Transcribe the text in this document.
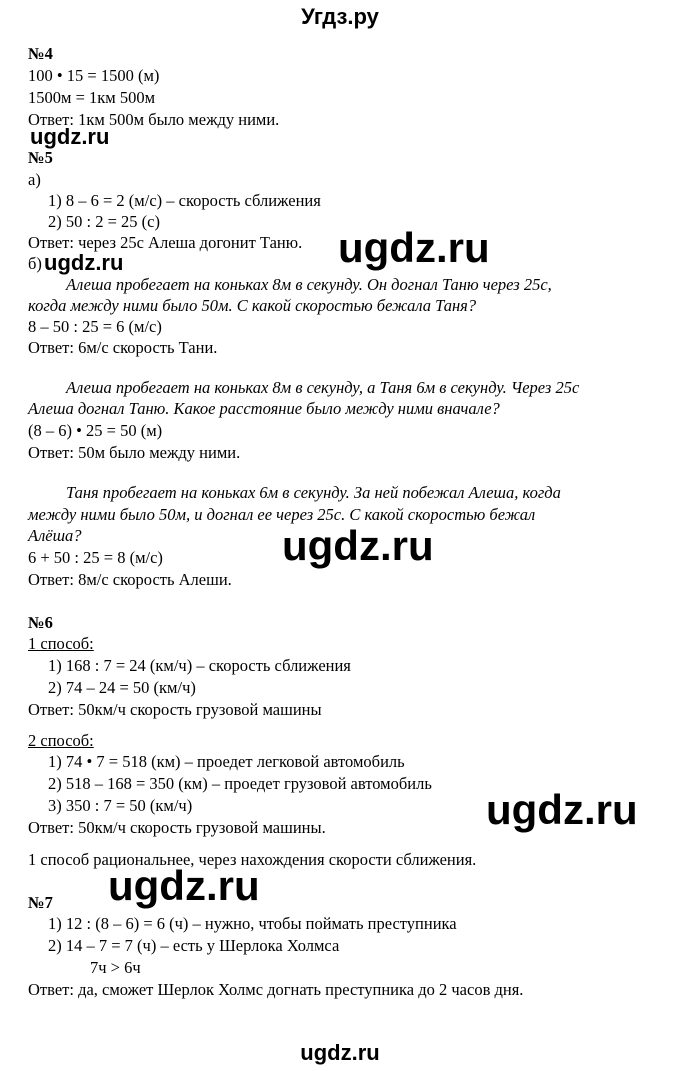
Угдз.ру
№4
100 • 15 = 1500 (м)
1500м = 1км 500м
Ответ: 1км 500м было между ними.
ugdz.ru
№5
а)
1) 8 – 6 = 2 (м/с) – скорость сближения
2) 50 : 2 = 25 (с)
Ответ: через 25с Алеша догонит Таню. ugdz.ru
б) ugdz.ru
Алеша пробегает на коньках 8м в секунду. Он догнал Таню через 25с,
когда между ними было 50м. С какой скоростью бежала Таня?
8 – 50 : 25 = 6 (м/с)
Ответ: 6м/с скорость Тани.
Алеша пробегает на коньках 8м в секунду, а Таня 6м в секунду. Через 25с
Алеша догнал Таню. Какое расстояние было между ними вначале?
(8 – 6) • 25 = 50 (м)
Ответ: 50м было между ними.
Таня пробегает на коньках 6м в секунду. За ней побежал Алеша, когда
между ними было 50м, и догнал ее через 25с. С какой скоростью бежал
Алёша?	ugdz.ru
6 + 50 : 25 = 8 (м/с)
Ответ: 8м/с скорость Алеши.
№6
1 способ:
1) 168 : 7 = 24 (км/ч) – скорость сближения
2) 74 – 24 = 50 (км/ч)
Ответ: 50км/ч скорость грузовой машины
2 способ:
1) 74 • 7 = 518 (км) – проедет легковой автомобиль
2) 518 – 168 = 350 (км) – проедет грузовой автомобиль
3) 350 : 7 = 50 (км/ч)	ugdz.ru
Ответ: 50км/ч скорость грузовой машины.
1 способ рациональнее, через нахождения скорости сближения.
ugdz.ru
№7
1) 12 : (8 – 6) = 6 (ч) – нужно, чтобы поймать преступника
2) 14 – 7 = 7 (ч) – есть у Шерлока Холмса
7ч > 6ч
Ответ: да, сможет Шерлок Холмс догнать преступника до 2 часов дня.
ugdz.ru
